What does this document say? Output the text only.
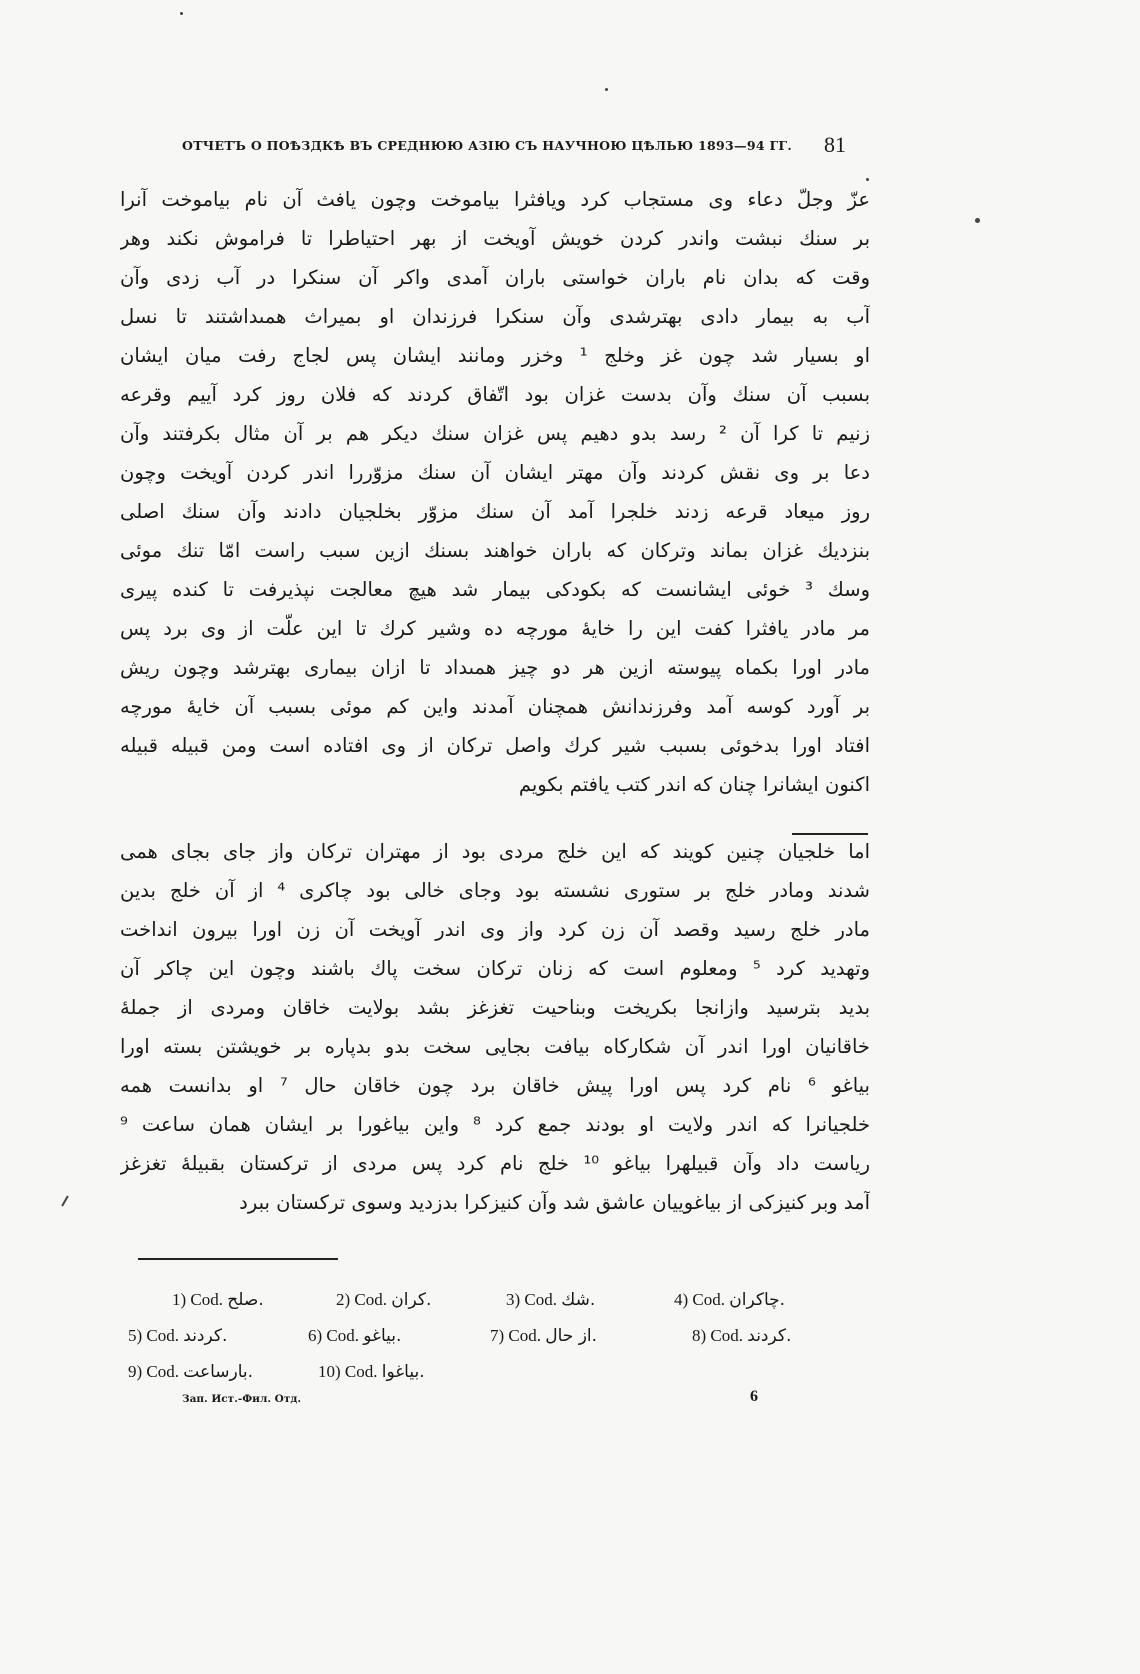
ОТЧЕТЪ О ПОѢЗДКѢ ВЪ СРЕДНЮЮ АЗІЮ СЪ НАУЧНОЮ ЦѢЛЬЮ 1893—94 ГГ.	81
عزّ وجلّ دعاء وى مستجاب كرد ويافثرا بياموخت وچون يافث آن نام بياموخت آنرا
بر سنك نبشت واندر كردن خويش آويخت از بهر احتياطرا تا فراموش نكند وهر
وقت كه بدان نام باران خواستى باران آمدى واكر آن سنكرا در آب زدى وآن
آب به بيمار دادى بهترشدى وآن سنكرا فرزندان او بميراث همىداشتند تا نسل
او بسيار شد چون غز وخلج ¹ وخزر ومانند ايشان پس لجاج رفت ميان ايشان
بسبب آن سنك وآن بدست غزان بود اتّفاق كردند كه فلان روز كرد آييم وقرعه
زنيم تا كرا آن ² رسد بدو دهيم پس غزان سنك ديكر هم بر آن مثال بكرفتند وآن
دعا بر وى نقش كردند وآن مهتر ايشان آن سنك مزوّررا اندر كردن آويخت وچون
روز ميعاد قرعه زدند خلجرا آمد آن سنك مزوّر بخلجيان دادند وآن سنك اصلى
بنزديك غزان بماند وتركان كه باران خواهند بسنك ازين سبب راست امّا تنك موئى
وسك ³ خوئى ايشانست كه بكودكى بيمار شد هيچ معالجت نپذيرفت تا كنده پيرى
مر مادر يافثرا كفت اين را خايهٔ مورچه ده وشير كرك تا اين علّت از وى برد پس
مادر اورا بكماه پيوسته ازين هر دو چيز همىداد تا ازان بيمارى بهترشد وچون ريش
بر آورد كوسه آمد وفرزندانش همچنان آمدند واين كم موئى بسبب آن خايهٔ مورچه
افتاد اورا بدخوئى بسبب شير كرك واصل تركان از وى افتاده است ومن قبيله قبيله
اكنون ايشانرا چنان كه اندر كتب يافتم بكويم
اما خلجيان چنين كويند كه اين خلج مردى بود از مهتران تركان واز جاى بجاى همى
شدند ومادر خلج بر ستورى نشسته بود وجاى خالى بود چاكرى ⁴ از آن خلج بدين
مادر خلج رسيد وقصد آن زن كرد واز وى اندر آويخت آن زن اورا بيرون انداخت
وتهديد كرد ⁵ ومعلوم است كه زنان تركان سخت پاك باشند وچون اين چاكر آن
بديد بترسيد وازانجا بكريخت وبناحيت تغزغز بشد بولايت خاقان ومردى از جملهٔ
خاقانيان اورا اندر آن شكاركاه بيافت بجايى سخت بدو بدپاره بر خويشتن بسته اورا
بياغو ⁶ نام كرد پس اورا پيش خاقان برد چون خاقان حال ⁷ او بدانست همه
خلجيانرا كه اندر ولايت او بودند جمع كرد ⁸ واين بياغورا بر ايشان همان ساعت ⁹
رياست داد وآن قبيلهرا بياغو ¹⁰ خلج نام كرد پس مردى از تركستان بقبيلهٔ تغزغز
آمد وبر كنيزكى از بياغوييان عاشق شد وآن كنيزكرا بدزديد وسوى تركستان ببرد
1) Cod. صلح.	2) Cod. كران.	3) Cod. شك.	4) Cod. چاكران.
5) Cod. كردند.	6) Cod. بياغو.	7) Cod. از حال.	8) Cod. كردند.
9) Cod. بارساعت.	10) Cod. بياغوا.
Зап. Ист.-Фил. Отд.	6
